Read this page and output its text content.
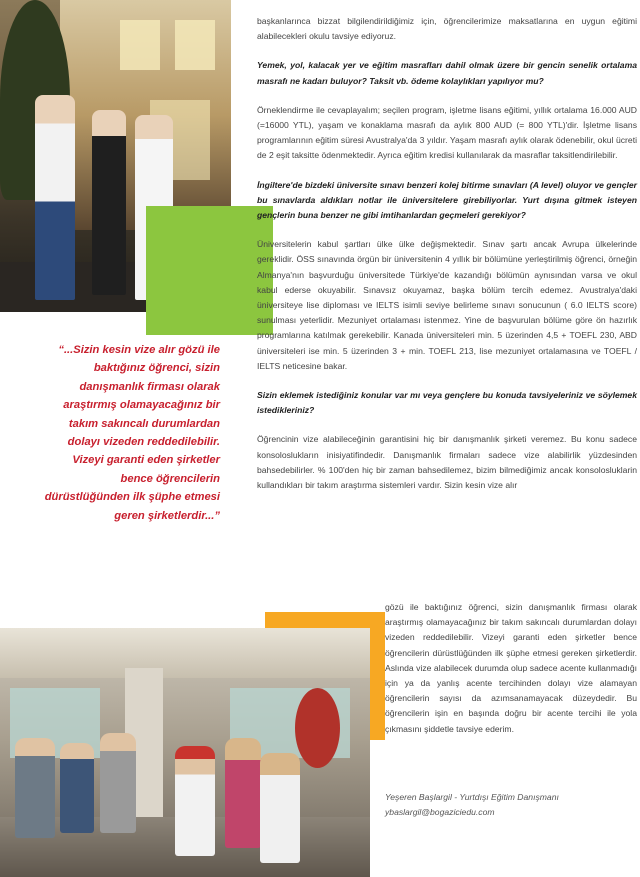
başkanlarınca bizzat bilgilendirildiğimiz için, öğrencilerimize maksatlarına en uygun eğitimi alabilecekleri okulu tavsiye ediyoruz.

Yemek, yol, kalacak yer ve eğitim masrafları dahil olmak üzere bir gencin senelik ortalama masrafı ne kadarı buluyor? Taksit vb. ödeme kolaylıkları yapılıyor mu?

Örneklendirme ile cevaplayalım; seçilen program, işletme lisans eğitimi, yıllık ortalama 16.000 AUD (=16000 YTL), yaşam ve konaklama masrafı da aylık 800 AUD (= 800 YTL)'dir. İşletme lisans programlarının eğitim süresi Avustralya'da 3 yıldır. Yaşam masrafı aylık olarak ödenebilir, okul ücreti de 2 eşit taksitte ödenmektedir. Ayrıca eğitim kredisi kullanılarak da masraflar taksitlendirilebilir.

İngiltere'de bizdeki üniversite sınavı benzeri kolej bitirme sınavları (A level) oluyor ve gençler bu sınavlarda aldıkları notlar ile üniversitelere girebiliyorlar. Yurt dışına gitmek isteyen gençlerin buna benzer ne gibi imtihanlardan geçmeleri gerekiyor?

Üniversitelerin kabul şartları ülke ülke değişmektedir. Sınav şartı ancak Avrupa ülkelerinde gereklidir. ÖSS sınavında örgün bir üniversitenin 4 yıllık bir bölümüne yerleştirilmiş öğrenci, örneğin Almanya'nın başvurduğu üniversitede Türkiye'de kazandığı bölümün aynısından varsa ve okul kabul ederse okuyabilir. Sınavsız okuyamaz, başka bölüm tercih edemez. Avustralya'daki üniversiteye lise diploması ve IELTS isimli seviye belirleme sınavı sonucunun ( 6.0 IELTS score) sunulması yeterlidir. Mezuniyet ortalaması istenmez. Yine de başvurulan bölüme göre ön hazırlık programlarına katılmak gerekebilir. Kanada üniversiteleri min. 5 üzerinden 4,5 + TOEFL 230, ABD üniversiteleri ise min. 5 üzerinden 3 + min. TOEFL 213, lise mezuniyet ortalamasına ve TOEFL / IELTS neticesine bakar.

Sizin eklemek istediğiniz konular var mı veya gençlere bu konuda tavsiyeleriniz ve söylemek istedikleriniz?

Öğrencinin vize alabileceğinin garantisini hiç bir danışmanlık şirketi veremez. Bu konu sadece konsoloslukların inisiyatifindedir. Danışmanlık firmaları sadece vize alabilirlik yüzdesinden bahsedebilirler. % 100'den hiç bir zaman bahsedilemez, bizim bilmediğimiz ancak konsolosluklarin kullandıkları bir takım araştırma sistemleri vardır. Sizin kesin vize alır

gözü ile baktığınız öğrenci, sizin danışmanlık firması olarak araştırmış olamayacağınız bir takım sakıncalı durumlardan dolayı vizeden reddedilebilir. Vizeyi garanti eden şirketler bence öğrencilerin dürüstlüğünden ilk şüphe etmesi gereken şirketlerdir. Aslında vize alabilecek durumda olup sadece acente kullanmadığı için ya da yanlış acente tercihinden dolayı vize alamayan öğrencilerin sayısı da azımsanamayacak düzeydedir. Bu öğrencilerin işin en başında doğru bir acente tercihi ile yola çıkmasını şiddetle tavsiye ederim.

Yeşeren Başlargil - Yurtdışı Eğitim Danışmanı
ybaslargil@bogaziciedu.com
“...Sizin kesin vize alır gözü ile baktığınız öğrenci, sizin danışmanlık firması olarak araştırmış olamayacağınız bir takım sakıncalı durumlardan dolayı vizeden reddedilebilir. Vizeyi garanti eden şirketler bence öğrencilerin dürüstlüğünden ilk şüphe etmesi geren şirketlerdir...”
